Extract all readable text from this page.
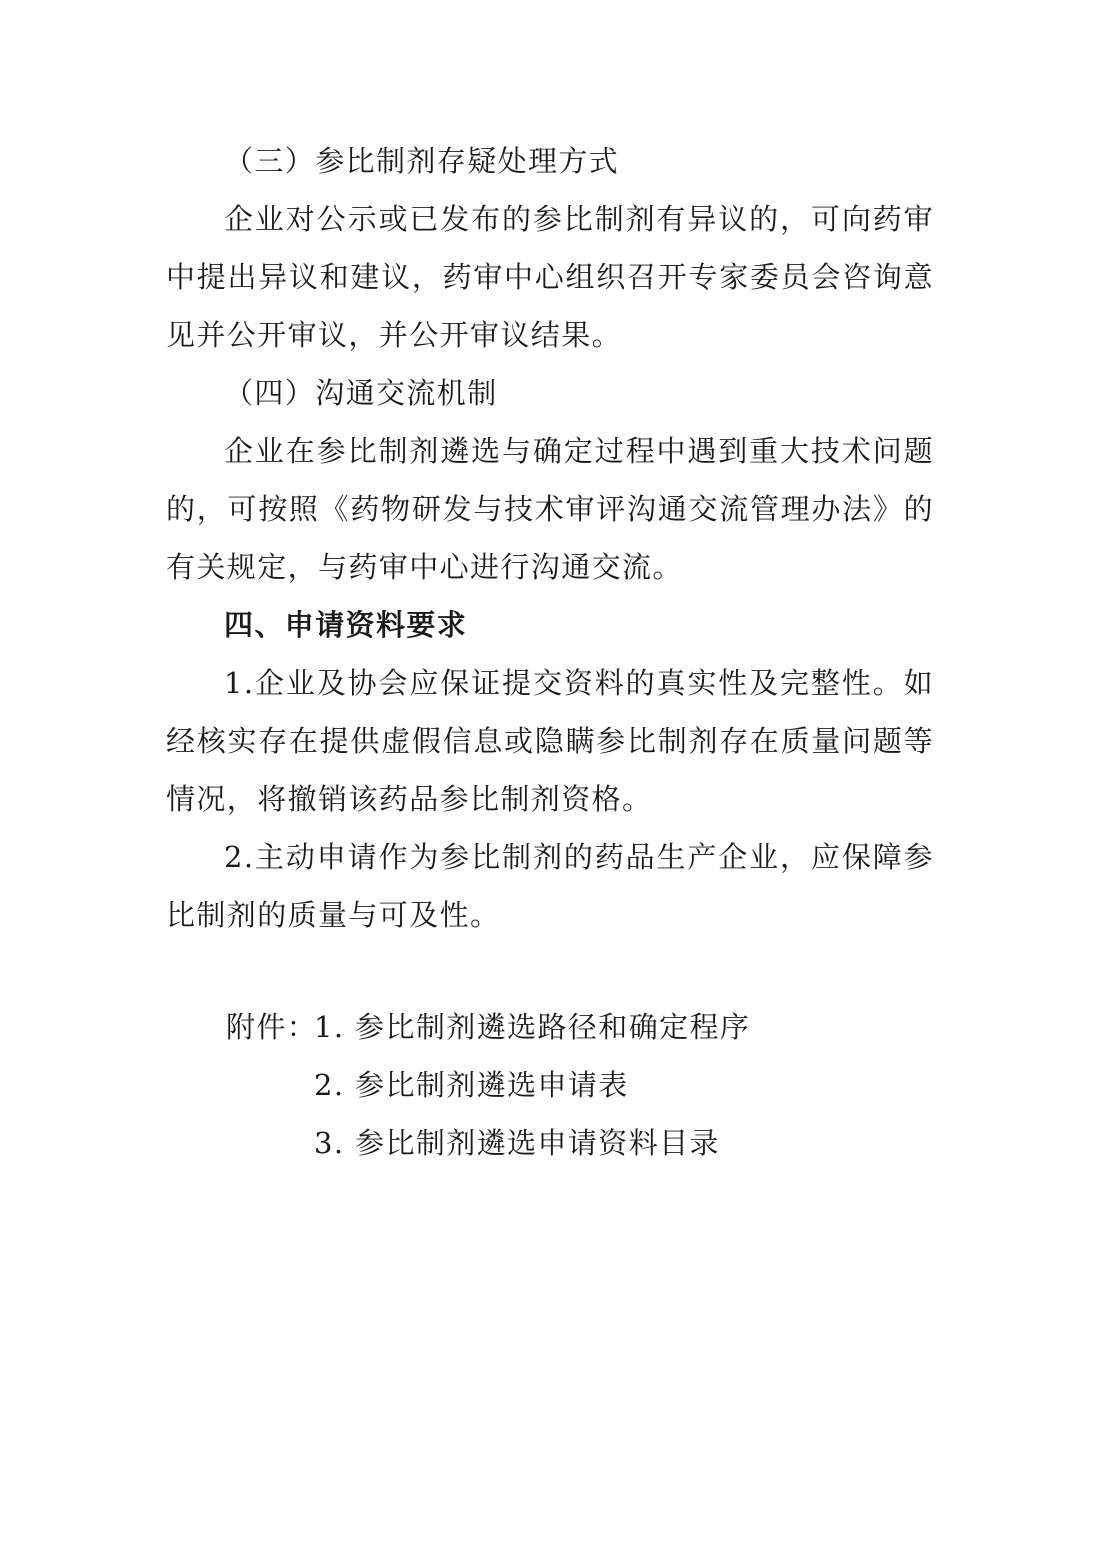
（三）参比制剂存疑处理方式

企业对公示或已发布的参比制剂有异议的，可向药审中提出异议和建议，药审中心组织召开专家委员会咨询意见并公开审议，并公开审议结果。

（四）沟通交流机制

企业在参比制剂遴选与确定过程中遇到重大技术问题的，可按照《药物研发与技术审评沟通交流管理办法》的有关规定，与药审中心进行沟通交流。

四、申请资料要求

1.企业及协会应保证提交资料的真实性及完整性。如经核实存在提供虚假信息或隐瞒参比制剂存在质量问题等情况，将撤销该药品参比制剂资格。

2.主动申请作为参比制剂的药品生产企业，应保障参比制剂的质量与可及性。

附件：
1. 参比制剂遴选路径和确定程序
2. 参比制剂遴选申请表
3. 参比制剂遴选申请资料目录
